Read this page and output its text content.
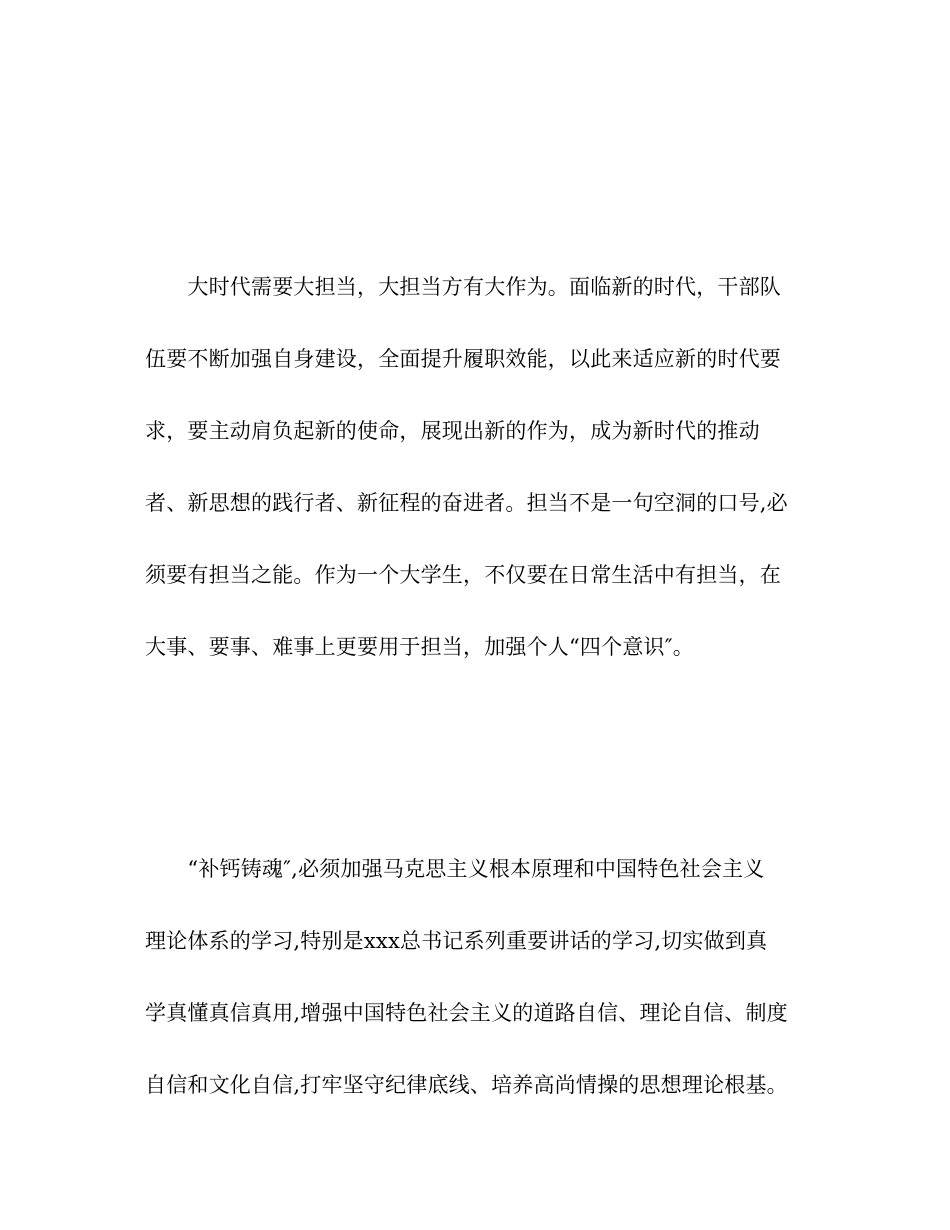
　　大时代需要大担当，大担当方有大作为。面临新的时代，干部队
伍要不断加强自身建设，全面提升履职效能，以此来适应新的时代要
求，要主动肩负起新的使命，展现出新的作为，成为新时代的推动
者、新思想的践行者、新征程的奋进者。担当不是一句空洞的口号,必
须要有担当之能。作为一个大学生，不仅要在日常生活中有担当，在
大事、要事、难事上更要用于担当，加强个人“四个意识″。
　　“补钙铸魂″,必须加强马克思主义根本原理和中国特色社会主义
理论体系的学习,特别是xxx总书记系列重要讲话的学习,切实做到真
学真懂真信真用,增强中国特色社会主义的道路自信、理论自信、制度
自信和文化自信,打牢坚守纪律底线、培养高尚情操的思想理论根基。
